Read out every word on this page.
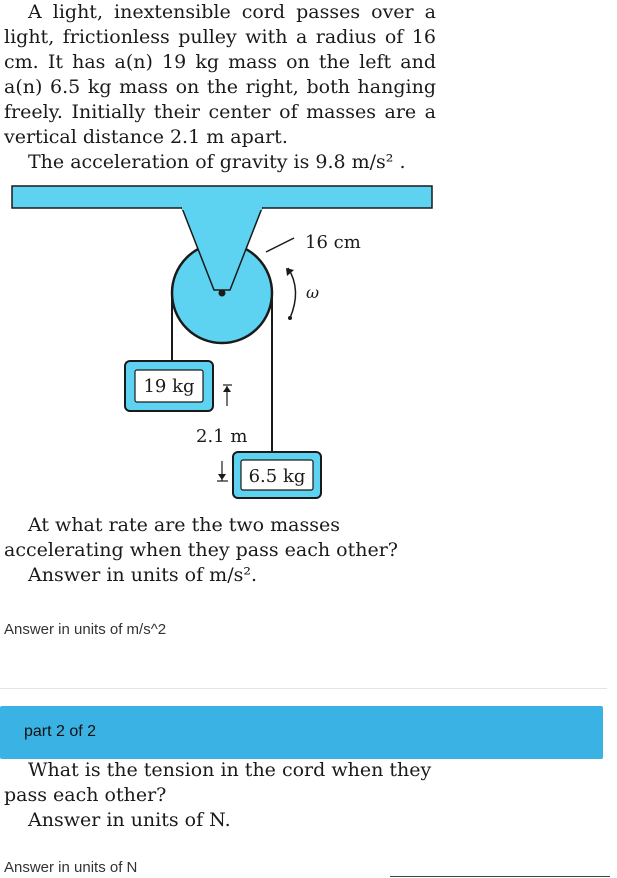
A light, inextensible cord passes over a light, frictionless pulley with a radius of 16 cm. It has a(n) 19 kg mass on the left and a(n) 6.5 kg mass on the right, both hanging freely. Initially their center of masses are a vertical distance 2.1 m apart.

The acceleration of gravity is 9.8 m/s² .

16 cm
ω
19 kg
2.1 m
6.5 kg

At what rate are the two masses accelerating when they pass each other?

Answer in units of m/s².

Answer in units of m/s^2
part 2 of 2

What is the tension in the cord when they pass each other?

Answer in units of N.

Answer in units of N
